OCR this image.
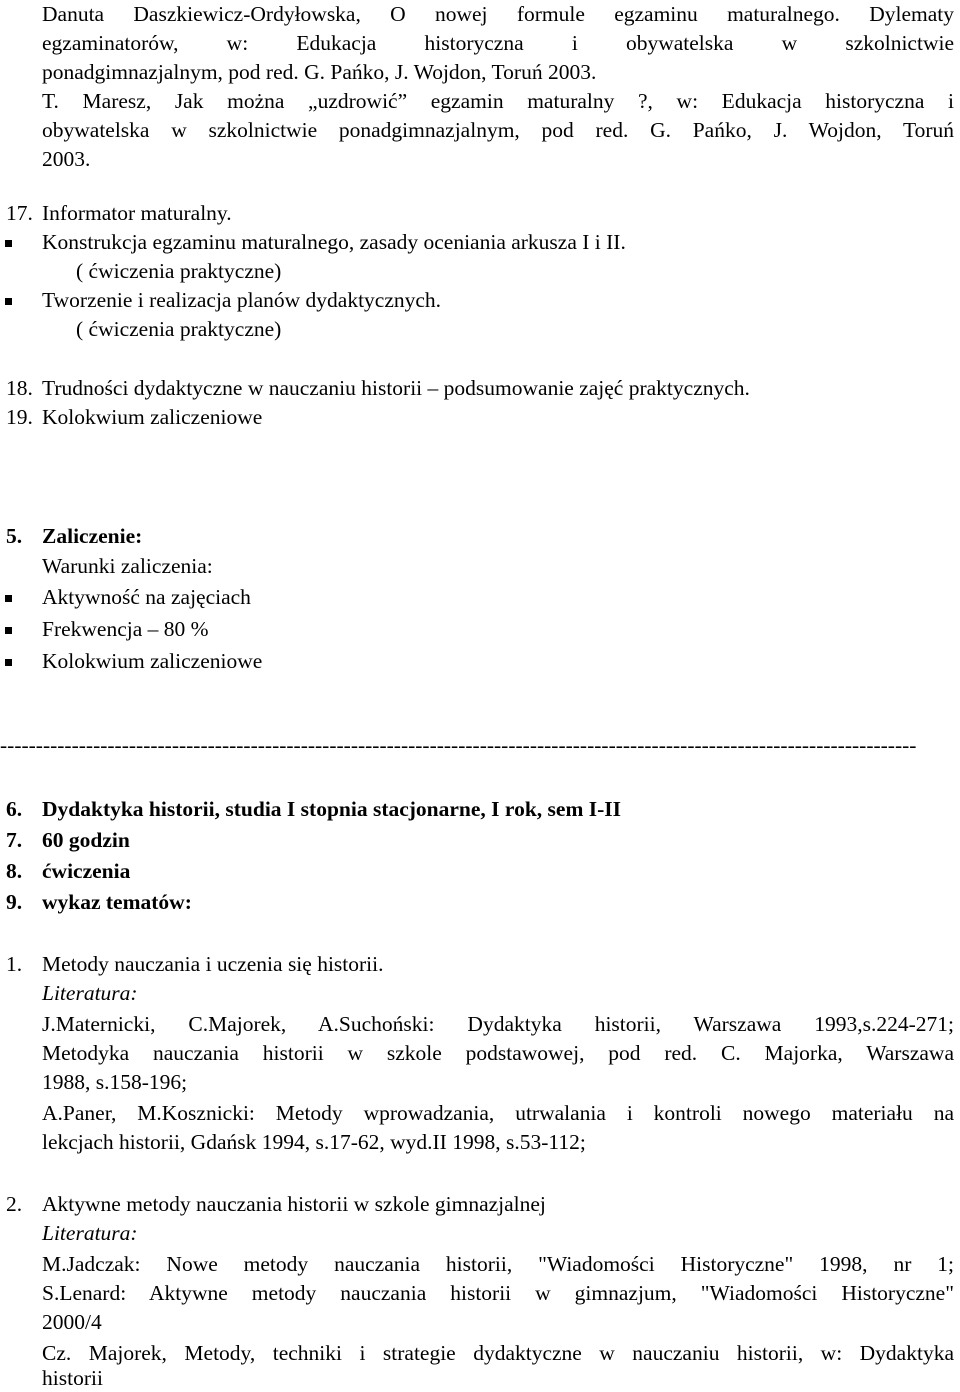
Danuta Daszkiewicz-Ordyłowska, O nowej formule egzaminu maturalnego. Dylematy

egzaminatorów, w: Edukacja historyczna i obywatelska w szkolnictwie

ponadgimnazjalnym, pod red. G. Pańko, J. Wojdon, Toruń 2003.

T. Maresz, Jak można „uzdrowić” egzamin maturalny ?, w: Edukacja historyczna i

obywatelska w szkolnictwie ponadgimnazjalnym, pod red. G. Pańko, J. Wojdon, Toruń

2003.

17. Informator maturalny.

Konstrukcja egzaminu maturalnego, zasady oceniania arkusza I i II.

( ćwiczenia praktyczne)

Tworzenie i realizacja planów dydaktycznych.

( ćwiczenia praktyczne)

18. Trudności dydaktyczne w nauczaniu historii – podsumowanie zajęć praktycznych.

19. Kolokwium zaliczeniowe

5. Zaliczenie:

Warunki zaliczenia:

Aktywność na zajęciach

Frekwencja – 80 %

Kolokwium zaliczeniowe

--------------------------------------------------------------------------------------------------------------------------------

6. Dydaktyka historii, studia I stopnia stacjonarne, I rok, sem I-II

7. 60 godzin

8. ćwiczenia

9. wykaz tematów:

1. Metody nauczania i uczenia się historii.

Literatura:

J.Maternicki, C.Majorek, A.Suchoński: Dydaktyka historii, Warszawa 1993,s.224-271;

Metodyka nauczania historii w szkole podstawowej, pod red. C. Majorka, Warszawa

1988, s.158-196;

A.Paner, M.Kosznicki: Metody wprowadzania, utrwalania i kontroli nowego materiału na

lekcjach historii, Gdańsk 1994, s.17-62, wyd.II 1998, s.53-112;

2. Aktywne metody nauczania historii w szkole gimnazjalnej

Literatura:

M.Jadczak: Nowe metody nauczania historii, "Wiadomości Historyczne" 1998, nr 1;

S.Lenard: Aktywne metody nauczania historii w gimnazjum, "Wiadomości Historyczne"

2000/4

Cz. Majorek, Metody, techniki i strategie dydaktyczne w nauczaniu historii, w: Dydaktyka

historii
